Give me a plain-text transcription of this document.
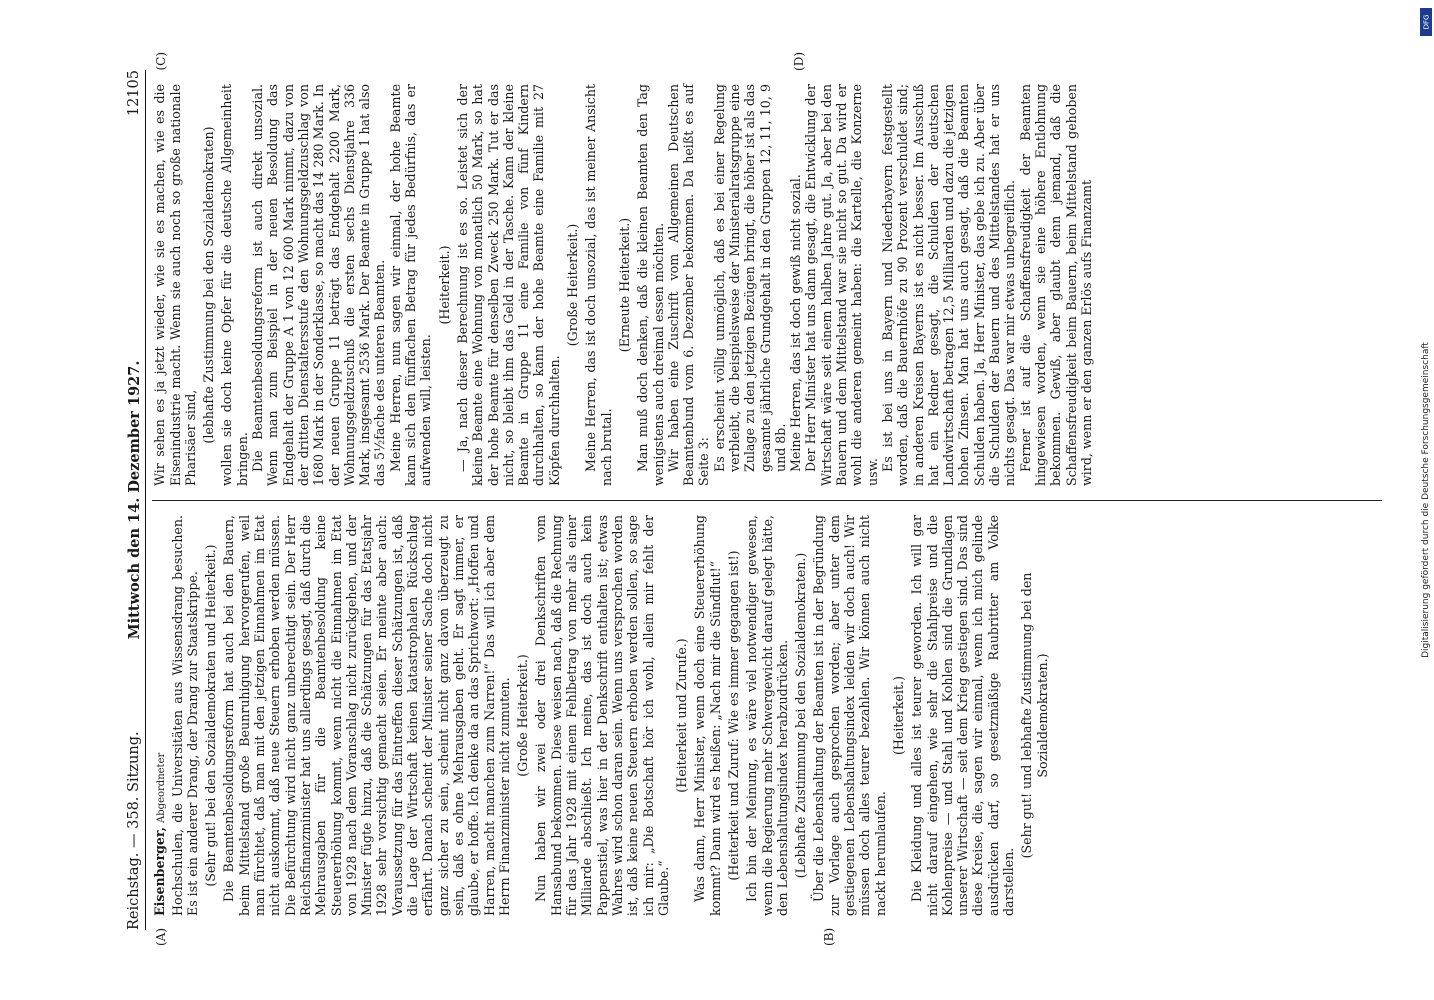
Reichstag. — 358. Sitzung.
Mittwoch den 14. Dezember 1927.
12105
(A)	(B)

Eisenberger, Abgeordneter Hochschulen, die Universitäten aus Wissensdrang besuchen. Es ist ein anderer Drang, der Drang zur Staatskrippe. (Sehr gut! bei den Sozialdemokraten und Heiterkeit.) Die Beamtenbesoldungsreform hat auch bei den Bauern, beim Mittelstand große Beunruhigung hervorgerufen, weil man fürchtet, daß man mit den jetzigen Einnahmen im Etat nicht auskommt, daß neue Steuern erhoben werden müssen. Die Befürchtung wird nicht ganz unberechtigt sein. Der Herr Reichsfinanzminister hat uns allerdings gesagt, daß durch die Mehrausgaben für die Beamtenbesoldung keine Steuererhöhung kommt, wenn nicht die Einnahmen im Etat von 1928 nach dem Voranschlag nicht zurückgehen, und der Minister fügte hinzu, daß die Schätzungen für das Etatsjahr 1928 sehr vorsichtig gemacht seien. Er meinte aber auch: Voraussetzung für das Eintreffen dieser Schätzungen ist, daß die Lage der Wirtschaft keinen katastrophalen Rückschlag erfährt. Danach scheint der Minister seiner Sache doch nicht ganz sicher zu sein, scheint nicht ganz davon überzeugt zu sein, daß es ohne Mehrausgaben geht. Er sagt immer, er glaube, er hoffe. Ich denke da an das Sprichwort: „Hoffen und Harren, macht manchen zum Narren!“ Das will ich aber dem Herrn Finanzminister nicht zumuten. (Große Heiterkeit.) Nun haben wir zwei oder drei Denkschriften vom Hansabund bekommen. Diese weisen nach, daß die Rechnung für das Jahr 1928 mit einem Fehlbetrag von mehr als einer Milliarde abschließt. Ich meine, das ist doch auch kein Pappenstiel, was hier in der Denkschrift enthalten ist; etwas Wahres wird schon daran sein. Wenn uns versprochen worden ist, daß keine neuen Steuern erhoben werden sollen, so sage ich mir: „Die Botschaft hör ich wohl, allein mir fehlt der Glaube.“

(Heiterkeit und Zurufe.) Was dann, Herr Minister, wenn doch eine Steuererhöhung kommt? Dann wird es heißen: „Nach mir die Sündflut!“ (Heiterkeit und Zuruf: Wie es immer gegangen ist!) Ich bin der Meinung, es wäre viel notwendiger gewesen, wenn die Regierung mehr Schwergewicht darauf gelegt hätte, den Lebenshaltungsindex herabzudrücken. (Lebhafte Zustimmung bei den Sozialdemokraten.) Über die Lebenshaltung der Beamten ist in der Begründung zur Vorlage auch gesprochen worden; aber unter dem gestiegenen Lebenshaltungsindex leiden wir doch auch! Wir müssen doch alles teurer bezahlen. Wir können auch nicht nackt herumlaufen.

(Heiterkeit.) Die Kleidung und alles ist teurer geworden. Ich will gar nicht darauf eingehen, wie sehr die Stahlpreise und die Kohlenpreise — und Stahl und Kohlen sind die Grundlagen unserer Wirtschaft — seit dem Krieg gestiegen sind. Das sind diese Kreise, die, sagen wir einmal, wenn ich mich gelinde ausdrücken darf, so gesetzmäßige Raubritter am Volke darstellen.

(Sehr gut! und lebhafte Zustimmung bei den Sozialdemokraten.)

(C)	(D)

Wir sehen es ja jetzt wieder, wie sie es machen, wie es die Eisenindustrie macht. Wenn sie auch noch so große nationale Pharisäer sind, (lebhafte Zustimmung bei den Sozialdemokraten) wollen sie doch keine Opfer für die deutsche Allgemeinheit bringen. Die Beamtenbesoldungsreform ist auch direkt unsozial. Wenn man zum Beispiel in der neuen Besoldung das Endgehalt der Gruppe A 1 von 12 600 Mark nimmt, dazu von der dritten Dienstaltersstufe den Wohnungsgeldzuschlag von 1680 Mark in der Sonderklasse, so macht das 14 280 Mark. In der neuen Gruppe 11 beträgt das Endgehalt 2200 Mark, Wohnungsgeldzuschuß die ersten sechs Dienstjahre 336 Mark, insgesamt 2536 Mark. Der Beamte in Gruppe 1 hat also das 5½fache des unteren Beamten. Meine Herren, nun sagen wir einmal, der hohe Beamte kann sich den fünffachen Betrag für jedes Bedürfnis, das er aufwenden will, leisten.

(Heiterkeit.) — Ja, nach dieser Berechnung ist es so. Leistet sich der kleine Beamte eine Wohnung von monatlich 50 Mark, so hat der hohe Beamte für denselben Zweck 250 Mark. Tut er das nicht, so bleibt ihm das Geld in der Tasche. Kann der kleine Beamte in Gruppe 11 eine Familie von fünf Kindern durchhalten, so kann der hohe Beamte eine Familie mit 27 Köpfen durchhalten.

(Große Heiterkeit.) Meine Herren, das ist doch unsozial, das ist meiner Ansicht nach brutal.

(Erneute Heiterkeit.) Man muß doch denken, daß die kleinen Beamten den Tag wenigstens auch dreimal essen möchten. Wir haben eine Zuschrift vom Allgemeinen Deutschen Beamtenbund vom 6. Dezember bekommen. Da heißt es auf Seite 3: Es erscheint völlig unmöglich, daß es bei einer Regelung verbleibt, die beispielsweise der Ministerialratsgruppe eine Zulage zu den jetzigen Bezügen bringt, die höher ist als das gesamte jährliche Grundgehalt in den Gruppen 12, 11, 10, 9 und 8b. Meine Herren, das ist doch gewiß nicht sozial. Der Herr Minister hat uns dann gesagt, die Entwicklung der Wirtschaft wäre seit einem halben Jahre gut. Ja, aber bei den Bauern und dem Mittelstand war sie nicht so gut. Da wird er wohl die anderen gemeint haben: die Kartelle, die Konzerne usw.

Es ist bei uns in Bayern und Niederbayern festgestellt worden, daß die Bauernhöfe zu 90 Prozent verschuldet sind; in anderen Kreisen Bayerns ist es nicht besser. Im Ausschuß hat ein Redner gesagt, die Schulden der deutschen Landwirtschaft betragen 12,5 Milliarden und dazu die jetzigen hohen Zinsen. Man hat uns auch gesagt, daß die Beamten Schulden haben. Ja, Herr Minister, das gebe ich zu. Aber über die Schulden der Bauern und des Mittelstandes hat er uns nichts gesagt. Das war mir etwas unbegreiflich. Ferner ist auf die Schaffensfreudigkeit der Beamten hingewiesen worden, wenn sie eine höhere Entlohnung bekommen. Gewiß, aber glaubt denn jemand, daß die Schaffensfreudigkeit beim Bauern, beim Mittelstand gehoben wird, wenn er den ganzen Erlös aufs Finanzamt

Digitalisierung gefördert durch die Deutsche Forschungsgemeinschaft
DFG
